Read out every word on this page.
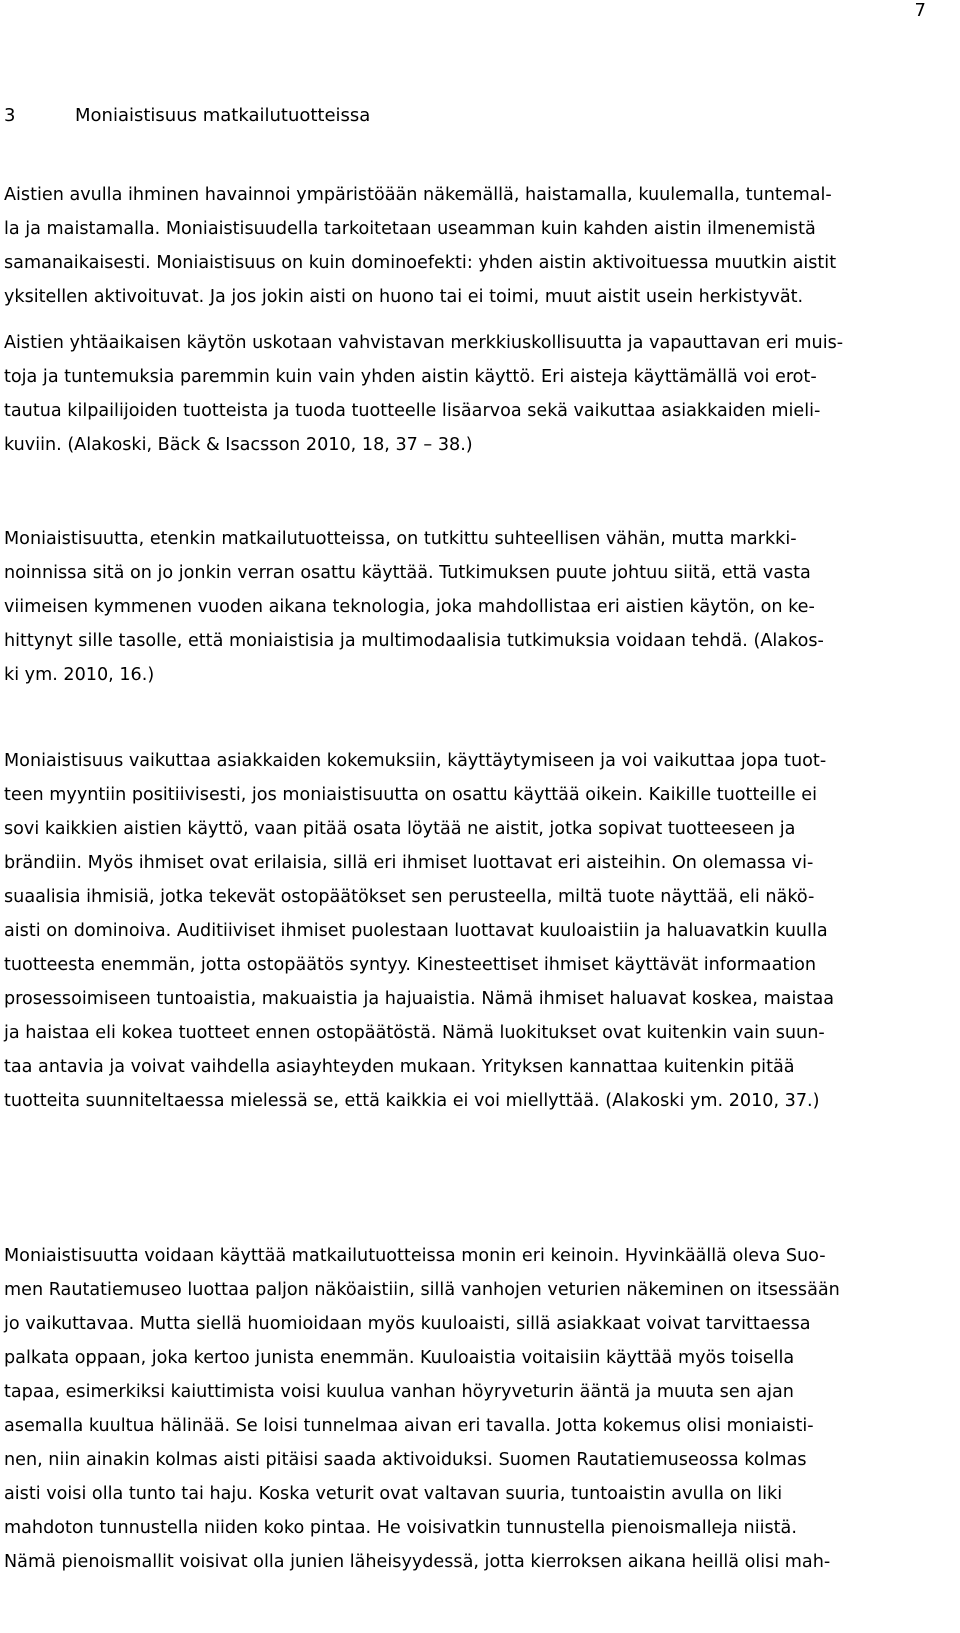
7
3	Moniaistisuus matkailutuotteissa
Aistien avulla ihminen havainnoi ympäristöään näkemällä, haistamalla, kuulemalla, tuntemal-
la ja maistamalla. Moniaistisuudella tarkoitetaan useamman kuin kahden aistin ilmenemistä
samanaikaisesti. Moniaistisuus on kuin dominoefekti: yhden aistin aktivoituessa muutkin aistit
yksitellen aktivoituvat. Ja jos jokin aisti on huono tai ei toimi, muut aistit usein herkistyvät.
Aistien yhtäaikaisen käytön uskotaan vahvistavan merkkiuskollisuutta ja vapauttavan eri muis-
toja ja tuntemuksia paremmin kuin vain yhden aistin käyttö. Eri aisteja käyttämällä voi erot-
tautua kilpailijoiden tuotteista ja tuoda tuotteelle lisäarvoa sekä vaikuttaa asiakkaiden mieli-
kuviin. (Alakoski, Bäck & Isacsson 2010, 18, 37 – 38.)
Moniaistisuutta, etenkin matkailutuotteissa, on tutkittu suhteellisen vähän, mutta markki-
noinnissa sitä on jo jonkin verran osattu käyttää. Tutkimuksen puute johtuu siitä, että vasta
viimeisen kymmenen vuoden aikana teknologia, joka mahdollistaa eri aistien käytön, on ke-
hittynyt sille tasolle, että moniaistisia ja multimodaalisia tutkimuksia voidaan tehdä. (Alakos-
ki ym. 2010, 16.)
Moniaistisuus vaikuttaa asiakkaiden kokemuksiin, käyttäytymiseen ja voi vaikuttaa jopa tuot-
teen myyntiin positiivisesti, jos moniaistisuutta on osattu käyttää oikein. Kaikille tuotteille ei
sovi kaikkien aistien käyttö, vaan pitää osata löytää ne aistit, jotka sopivat tuotteeseen ja
brändiin. Myös ihmiset ovat erilaisia, sillä eri ihmiset luottavat eri aisteihin. On olemassa vi-
suaalisia ihmisiä, jotka tekevät ostopäätökset sen perusteella, miltä tuote näyttää, eli näkö-
aisti on dominoiva. Auditiiviset ihmiset puolestaan luottavat kuuloaistiin ja haluavatkin kuulla
tuotteesta enemmän, jotta ostopäätös syntyy. Kinesteettiset ihmiset käyttävät informaation
prosessoimiseen tuntoaistia, makuaistia ja hajuaistia. Nämä ihmiset haluavat koskea, maistaa
ja haistaa eli kokea tuotteet ennen ostopäätöstä. Nämä luokitukset ovat kuitenkin vain suun-
taa antavia ja voivat vaihdella asiayhteyden mukaan. Yrityksen kannattaa kuitenkin pitää
tuotteita suunniteltaessa mielessä se, että kaikkia ei voi miellyttää. (Alakoski ym. 2010, 37.)
Moniaistisuutta voidaan käyttää matkailutuotteissa monin eri keinoin. Hyvinkäällä oleva Suo-
men Rautatiemuseo luottaa paljon näköaistiin, sillä vanhojen veturien näkeminen on itsessään
jo vaikuttavaa. Mutta siellä huomioidaan myös kuuloaisti, sillä asiakkaat voivat tarvittaessa
palkata oppaan, joka kertoo junista enemmän. Kuuloaistia voitaisiin käyttää myös toisella
tapaa, esimerkiksi kaiuttimista voisi kuulua vanhan höyryveturin ääntä ja muuta sen ajan
asemalla kuultua hälinää. Se loisi tunnelmaa aivan eri tavalla. Jotta kokemus olisi moniaisti-
nen, niin ainakin kolmas aisti pitäisi saada aktivoiduksi. Suomen Rautatiemuseossa kolmas
aisti voisi olla tunto tai haju. Koska veturit ovat valtavan suuria, tuntoaistin avulla on liki
mahdoton tunnustella niiden koko pintaa. He voisivatkin tunnustella pienoismalleja niistä.
Nämä pienoismallit voisivat olla junien läheisyydessä, jotta kierroksen aikana heillä olisi mah-
